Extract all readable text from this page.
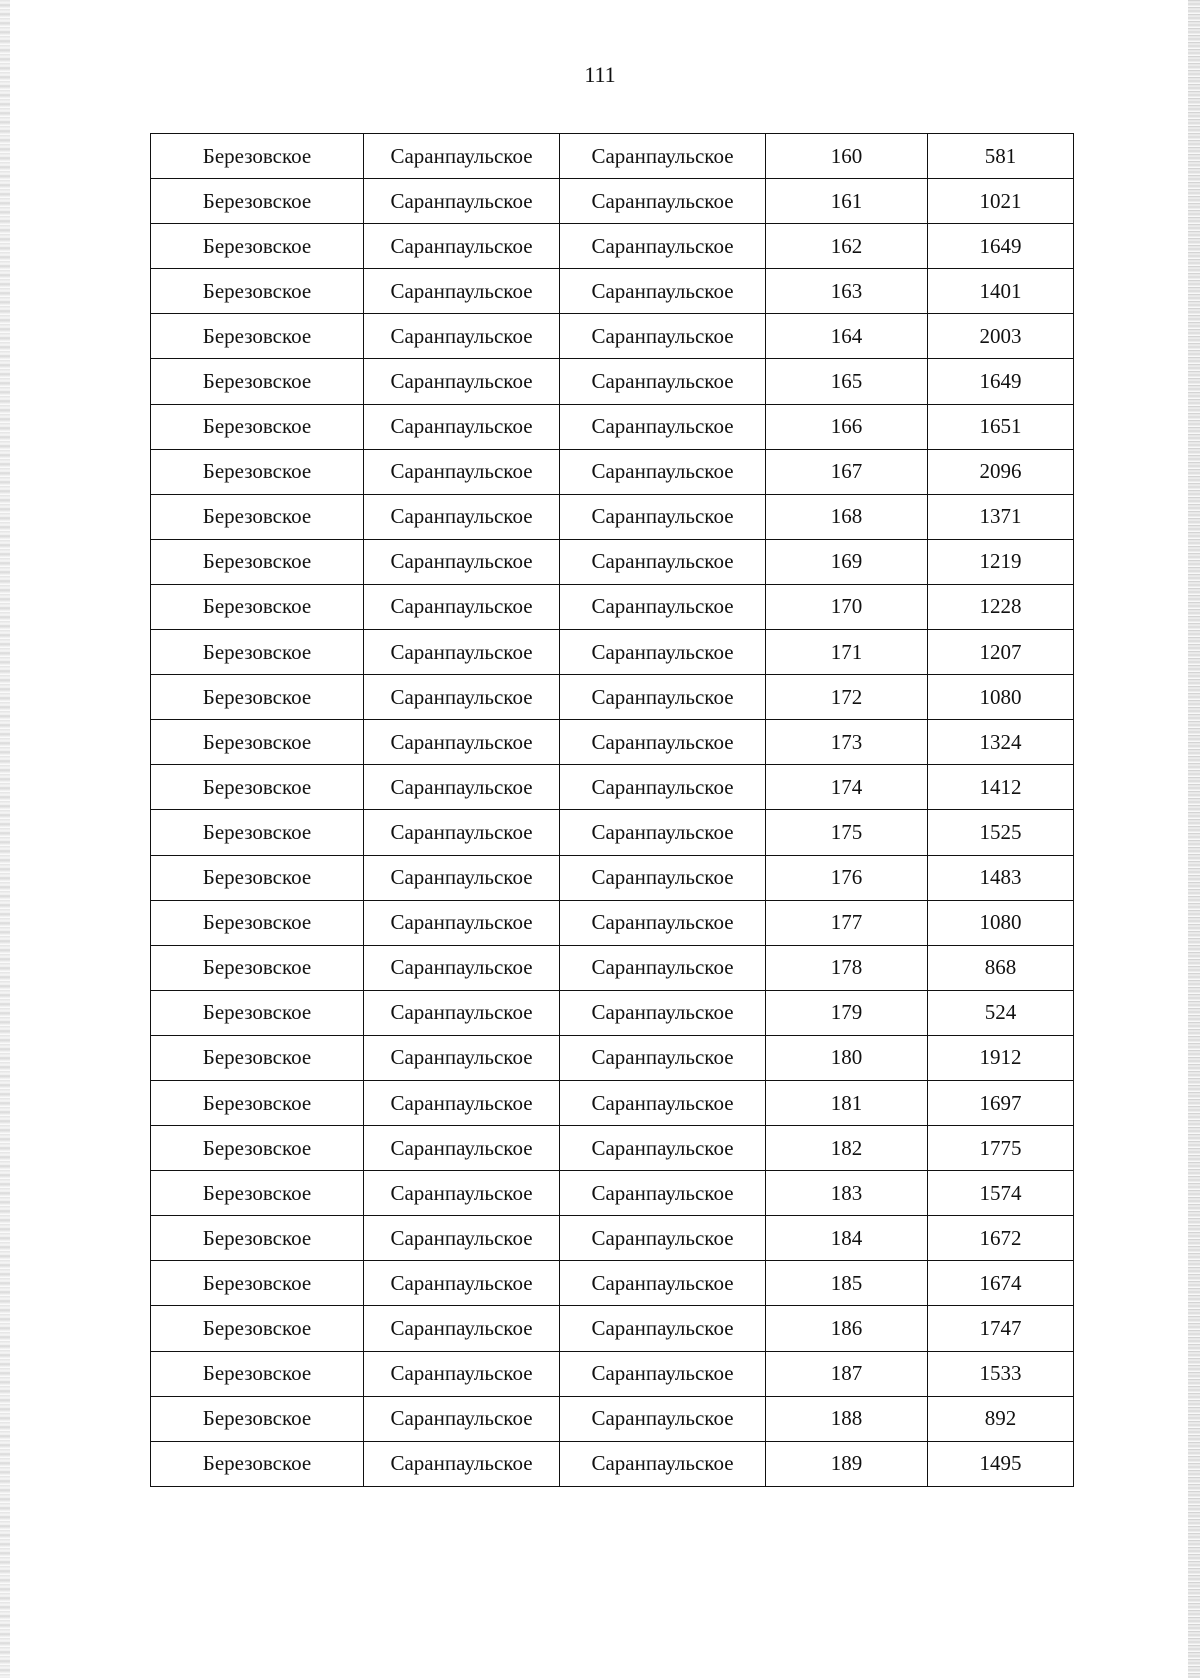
111
Березовское	Саранпаульское	Саранпаульское	160	581
Березовское	Саранпаульское	Саранпаульское	161	1021
Березовское	Саранпаульское	Саранпаульское	162	1649
Березовское	Саранпаульское	Саранпаульское	163	1401
Березовское	Саранпаульское	Саранпаульское	164	2003
Березовское	Саранпаульское	Саранпаульское	165	1649
Березовское	Саранпаульское	Саранпаульское	166	1651
Березовское	Саранпаульское	Саранпаульское	167	2096
Березовское	Саранпаульское	Саранпаульское	168	1371
Березовское	Саранпаульское	Саранпаульское	169	1219
Березовское	Саранпаульское	Саранпаульское	170	1228
Березовское	Саранпаульское	Саранпаульское	171	1207
Березовское	Саранпаульское	Саранпаульское	172	1080
Березовское	Саранпаульское	Саранпаульское	173	1324
Березовское	Саранпаульское	Саранпаульское	174	1412
Березовское	Саранпаульское	Саранпаульское	175	1525
Березовское	Саранпаульское	Саранпаульское	176	1483
Березовское	Саранпаульское	Саранпаульское	177	1080
Березовское	Саранпаульское	Саранпаульское	178	868
Березовское	Саранпаульское	Саранпаульское	179	524
Березовское	Саранпаульское	Саранпаульское	180	1912
Березовское	Саранпаульское	Саранпаульское	181	1697
Березовское	Саранпаульское	Саранпаульское	182	1775
Березовское	Саранпаульское	Саранпаульское	183	1574
Березовское	Саранпаульское	Саранпаульское	184	1672
Березовское	Саранпаульское	Саранпаульское	185	1674
Березовское	Саранпаульское	Саранпаульское	186	1747
Березовское	Саранпаульское	Саранпаульское	187	1533
Березовское	Саранпаульское	Саранпаульское	188	892
Березовское	Саранпаульское	Саранпаульское	189	1495
